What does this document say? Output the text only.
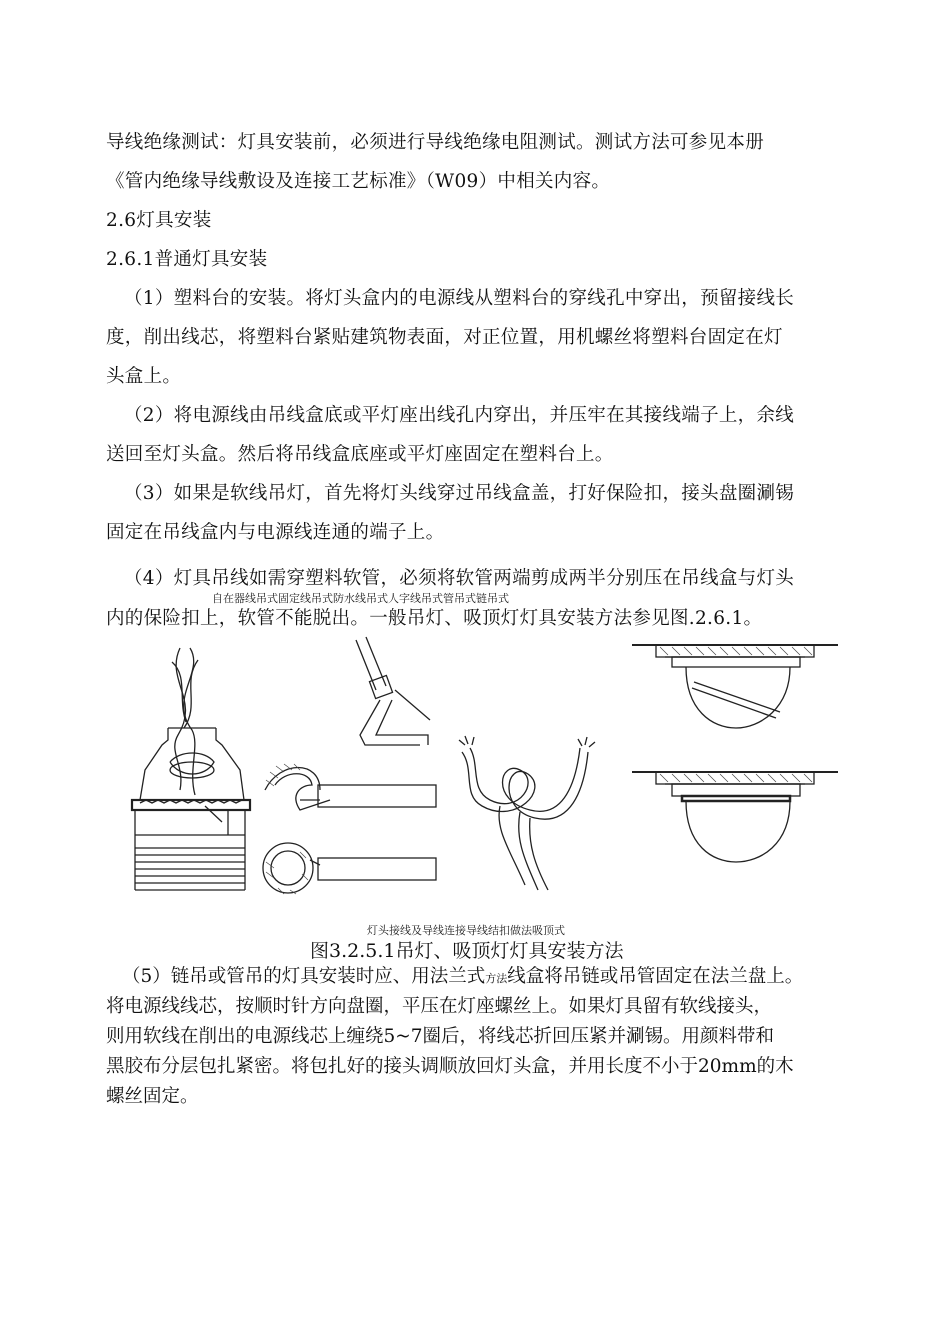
导线绝缘测试：灯具安装前，必须进行导线绝缘电阻测试。测试方法可参见本册
《管内绝缘导线敷设及连接工艺标准》（W09）中相关内容。
2.6灯具安装
2.6.1普通灯具安装
（1）塑料台的安装。将灯头盒内的电源线从塑料台的穿线孔中穿出，预留接线长
度，削出线芯，将塑料台紧贴建筑物表面，对正位置，用机螺丝将塑料台固定在灯
头盒上。
（2）将电源线由吊线盒底或平灯座出线孔内穿出，并压牢在其接线端子上，余线
送回至灯头盒。然后将吊线盒底座或平灯座固定在塑料台上。
（3）如果是软线吊灯，首先将灯头线穿过吊线盒盖，打好保险扣，接头盘圈涮锡
固定在吊线盒内与电源线连通的端子上。
（4）灯具吊线如需穿塑料软管，必须将软管两端剪成两半分别压在吊线盒与灯头
自在器线吊式固定线吊式防水线吊式人字线吊式管吊式链吊式
内的保险扣上，软管不能脱出。一般吊灯、吸顶灯灯具安装方法参见图.2.6.1。
灯头接线及导线连接导线结扣做法吸顶式
图3.2.5.1吊灯、吸顶灯灯具安装方法
（5）链吊或管吊的灯具安装时应、用法兰式方法线盒将吊链或吊管固定在法兰盘上。
将电源线线芯，按顺时针方向盘圈，平压在灯座螺丝上。如果灯具留有软线接头，
则用软线在削出的电源线芯上缠绕5~7圈后，将线芯折回压紧并涮锡。用颜料带和
黑胶布分层包扎紧密。将包扎好的接头调顺放回灯头盒，并用长度不小于20mm的木
螺丝固定。
